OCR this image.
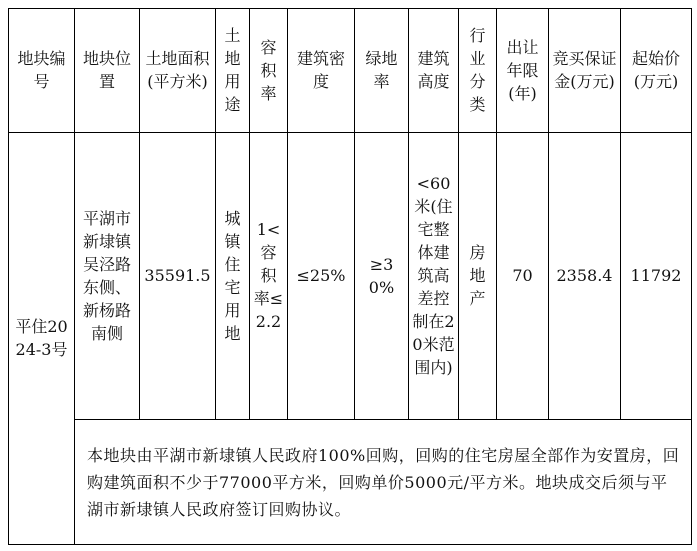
地块编号	地块位置	土地面积(平方米)	土地用途	容积率	建筑密度	绿地率	建筑高度	行业分类	出让年限(年)	竞买保证金(万元)	起始价(万元)
平住2024-3号	平湖市新埭镇吴泾路东侧、新杨路南侧	35591.5	城镇住宅用地	1<容积率≤2.2	≤25%	≥30%	<60米(住宅整体建筑高差控制在20米范围内)	房地产	70	2358.4	11792
	本地块由平湖市新埭镇人民政府100%回购，回购的住宅房屋全部作为安置房，回购建筑面积不少于77000平方米，回购单价5000元/平方米。地块成交后须与平湖市新埭镇人民政府签订回购协议。										
